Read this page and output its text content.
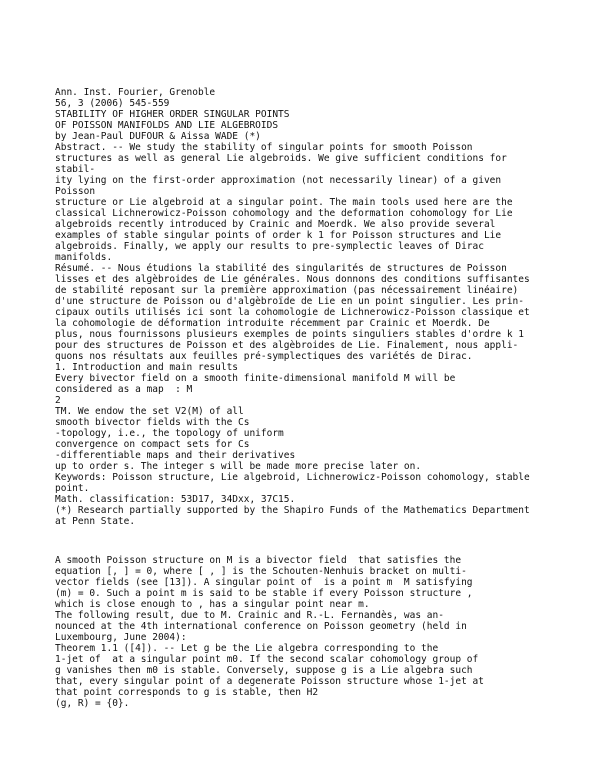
Ann. Inst. Fourier, Grenoble
56, 3 (2006) 545-559
STABILITY OF HIGHER ORDER SINGULAR POINTS
OF POISSON MANIFOLDS AND LIE ALGEBROIDS
by Jean-Paul DUFOUR & Aissa WADE (*)
Abstract. -- We study the stability of singular points for smooth Poisson
structures as well as general Lie algebroids. We give sufficient conditions for
stabil-
ity lying on the first-order approximation (not necessarily linear) of a given
Poisson
structure or Lie algebroid at a singular point. The main tools used here are the
classical Lichnerowicz-Poisson cohomology and the deformation cohomology for Lie
algebroids recently introduced by Crainic and Moerdk. We also provide several
examples of stable singular points of order k 1 for Poisson structures and Lie
algebroids. Finally, we apply our results to pre-symplectic leaves of Dirac
manifolds.
Résumé. -- Nous étudions la stabilité des singularités de structures de Poisson
lisses et des algèbroides de Lie générales. Nous donnons des conditions suffisantes
de stabilité reposant sur la première approximation (pas nécessairement linéaire)
d'une structure de Poisson ou d'algèbroïde de Lie en un point singulier. Les prin-
cipaux outils utilisés ici sont la cohomologie de Lichnerowicz-Poisson classique et
la cohomologie de déformation introduite récemment par Crainic et Moerdk. De
plus, nous fournissons plusieurs exemples de points singuliers stables d'ordre k 1
pour des structures de Poisson et des algèbroides de Lie. Finalement, nous appli-
quons nos résultats aux feuilles pré-symplectiques des variétés de Dirac.
1. Introduction and main results
Every bivector field on a smooth finite-dimensional manifold M will be
considered as a map  : M
2
TM. We endow the set V2(M) of all
smooth bivector fields with the Cs
-topology, i.e., the topology of uniform
convergence on compact sets for Cs
-differentiable maps and their derivatives
up to order s. The integer s will be made more precise later on.
Keywords: Poisson structure, Lie algebroid, Lichnerowicz-Poisson cohomology, stable
point.
Math. classification: 53D17, 34Dxx, 37C15.
(*) Research partially supported by the Shapiro Funds of the Mathematics Department
at Penn State.
A smooth Poisson structure on M is a bivector field  that satisfies the
equation [, ] = 0, where [ , ] is the Schouten-Nenhuis bracket on multi-
vector fields (see [13]). A singular point of  is a point m  M satisfying
(m) = 0. Such a point m is said to be stable if every Poisson structure ,
which is close enough to , has a singular point near m.
The following result, due to M. Crainic and R.-L. Fernandès, was an-
nounced at the 4th international conference on Poisson geometry (held in
Luxembourg, June 2004):
Theorem 1.1 ([4]). -- Let g be the Lie algebra corresponding to the
1-jet of  at a singular point m0. If the second scalar cohomology group of
g vanishes then m0 is stable. Conversely, suppose g is a Lie algebra such
that, every singular point of a degenerate Poisson structure whose 1-jet at
that point corresponds to g is stable, then H2
(g, R) = {0}.
